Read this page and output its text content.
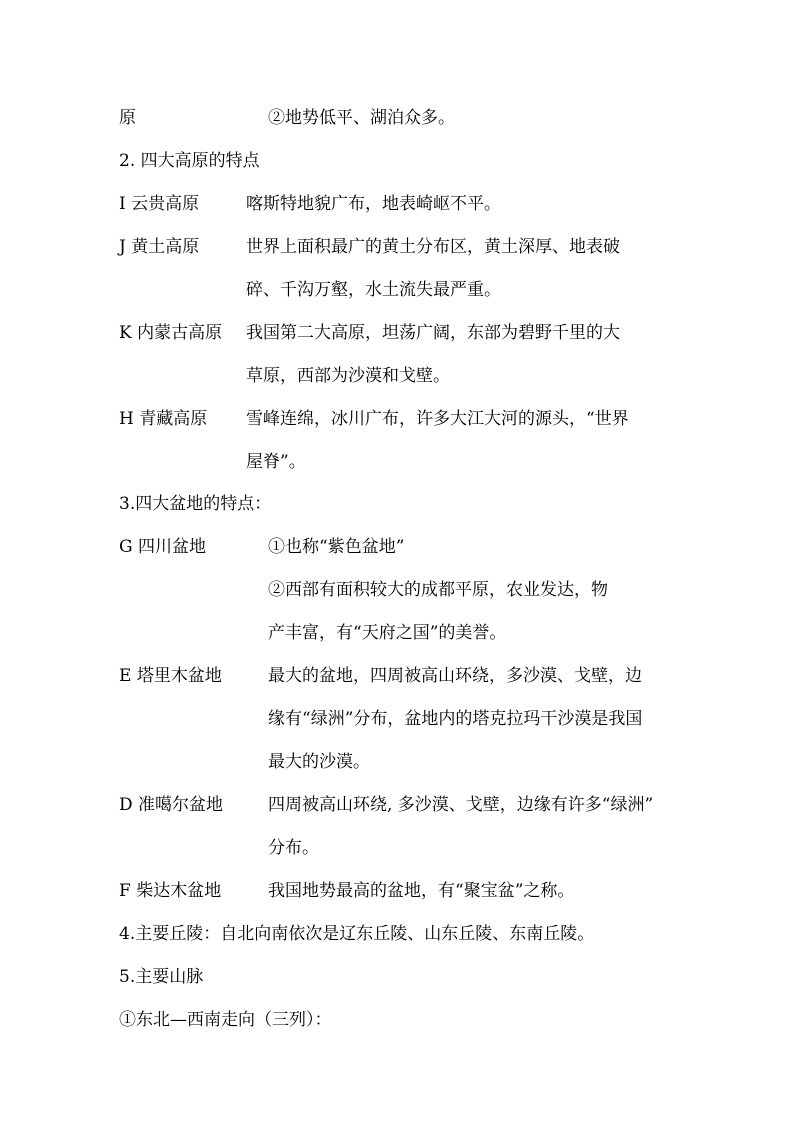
原	②地势低平、湖泊众多。
2. 四大高原的特点
I 云贵高原	喀斯特地貌广布，地表崎岖不平。
J 黄土高原	世界上面积最广的黄土分布区，黄土深厚、地表破
碎、千沟万壑，水土流失最严重。
K 内蒙古高原 我国第二大高原，坦荡广阔，东部为碧野千里的大
草原，西部为沙漠和戈壁。
H 青藏高原 雪峰连绵，冰川广布，许多大江大河的源头，“世界
屋脊”。
3.四大盆地的特点：
G 四川盆地	①也称“紫色盆地”
②西部有面积较大的成都平原，农业发达，物
产丰富，有“天府之国”的美誉。
E 塔里木盆地	最大的盆地，四周被高山环绕，多沙漠、戈壁，边
缘有“绿洲”分布，盆地内的塔克拉玛干沙漠是我国
最大的沙漠。
D 准噶尔盆地	四周被高山环绕, 多沙漠、戈壁，边缘有许多“绿洲”
分布。
F 柴达木盆地	我国地势最高的盆地，有“聚宝盆”之称。
4.主要丘陵：自北向南依次是辽东丘陵、山东丘陵、东南丘陵。
5.主要山脉
①东北—西南走向（三列）：
